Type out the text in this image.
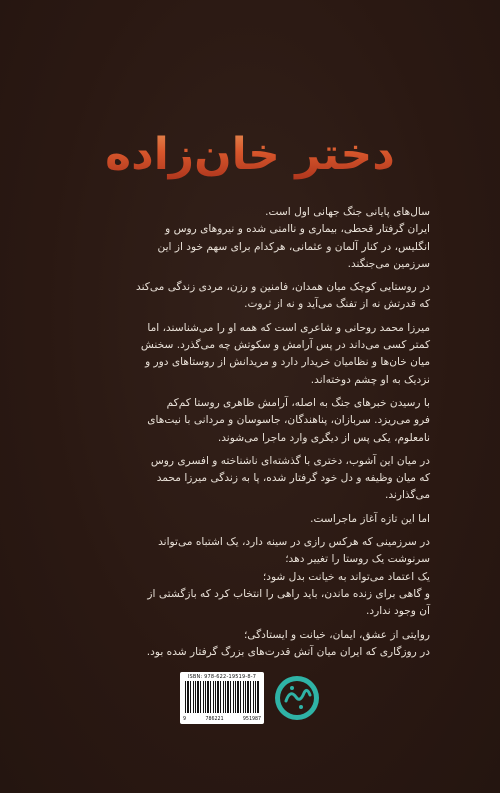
دختر خان‌زاده

سال‌های پایانی جنگ جهانی اول است.
ایران گرفتار قحطی، بیماری و ناامنی شده و نیروهای روس و
انگلیس، در کنار آلمان و عثمانی، هرکدام برای سهم خود از این
سرزمین می‌جنگند.

در روستایی کوچک میان همدان، فامنین و رزن، مردی زندگی می‌کند
که قدرتش نه از تفنگ می‌آید و نه از ثروت.

میرزا محمد روحانی و شاعری است که همه او را می‌شناسند، اما
کمتر کسی می‌داند در پس آرامش و سکوتش چه می‌گذرد. سخنش
میان خان‌ها و نظامیان خریدار دارد و مریدانش از روستاهای دور و
نزدیک به او چشم دوخته‌اند.

با رسیدن خبرهای جنگ به اصله، آرامش ظاهری روستا کم‌کم
فرو می‌ریزد. سربازان، پناهندگان، جاسوسان و مردانی با نیت‌های
نامعلوم، یکی پس از دیگری وارد ماجرا می‌شوند.

در میان این آشوب، دختری با گذشته‌ای ناشناخته و افسری روس
که میان وظیفه و دل خود گرفتار شده، پا به زندگی میرزا محمد
می‌گذارند.

اما این تازه آغاز ماجراست.

در سرزمینی که هرکس رازی در سینه دارد، یک اشتباه می‌تواند
سرنوشت یک روستا را تغییر دهد؛
یک اعتماد می‌تواند به خیانت بدل شود؛
و گاهی برای زنده ماندن، باید راهی را انتخاب کرد که بازگشتی از
آن وجود ندارد.

روایتی از عشق، ایمان، خیانت و ایستادگی؛
در روزگاری که ایران میان آتش قدرت‌های بزرگ گرفتار شده بود.

ISBN: 978-622-19519-8-7
9	786221	951987
